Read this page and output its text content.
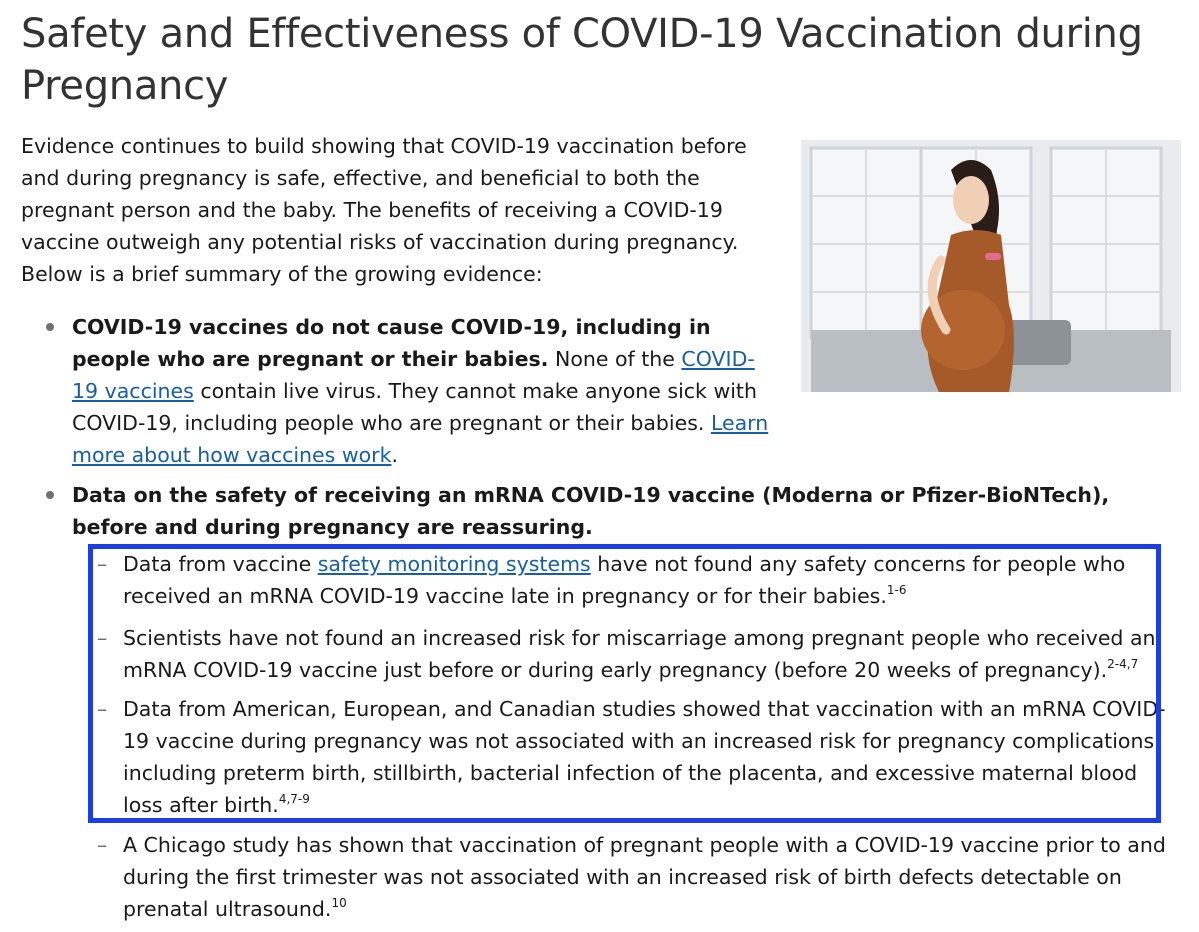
Safety and Effectiveness of COVID-19 Vaccination during Pregnancy

Evidence continues to build showing that COVID-19 vaccination before and during pregnancy is safe, effective, and beneficial to both the pregnant person and the baby. The benefits of receiving a COVID-19 vaccine outweigh any potential risks of vaccination during pregnancy. Below is a brief summary of the growing evidence:

COVID-19 vaccines do not cause COVID-19, including in people who are pregnant or their babies. None of the COVID-19 vaccines contain live virus. They cannot make anyone sick with COVID-19, including people who are pregnant or their babies. Learn more about how vaccines work.
Data on the safety of receiving an mRNA COVID-19 vaccine (Moderna or Pfizer-BioNTech), before and during pregnancy are reassuring.
– Data from vaccine safety monitoring systems have not found any safety concerns for people who received an mRNA COVID-19 vaccine late in pregnancy or for their babies.$^{1-6}$
– Scientists have not found an increased risk for miscarriage among pregnant people who received an mRNA COVID-19 vaccine just before or during early pregnancy (before 20 weeks of pregnancy).$^{2-4,7}$
– Data from American, European, and Canadian studies showed that vaccination with an mRNA COVID-19 vaccine during pregnancy was not associated with an increased risk for pregnancy complications, including preterm birth, stillbirth, bacterial infection of the placenta, and excessive maternal blood loss after birth.$^{4,7-9}$
– A Chicago study has shown that vaccination of pregnant people with a COVID-19 vaccine prior to and during the first trimester was not associated with an increased risk of birth defects detectable on prenatal ultrasound.$^{10}$
